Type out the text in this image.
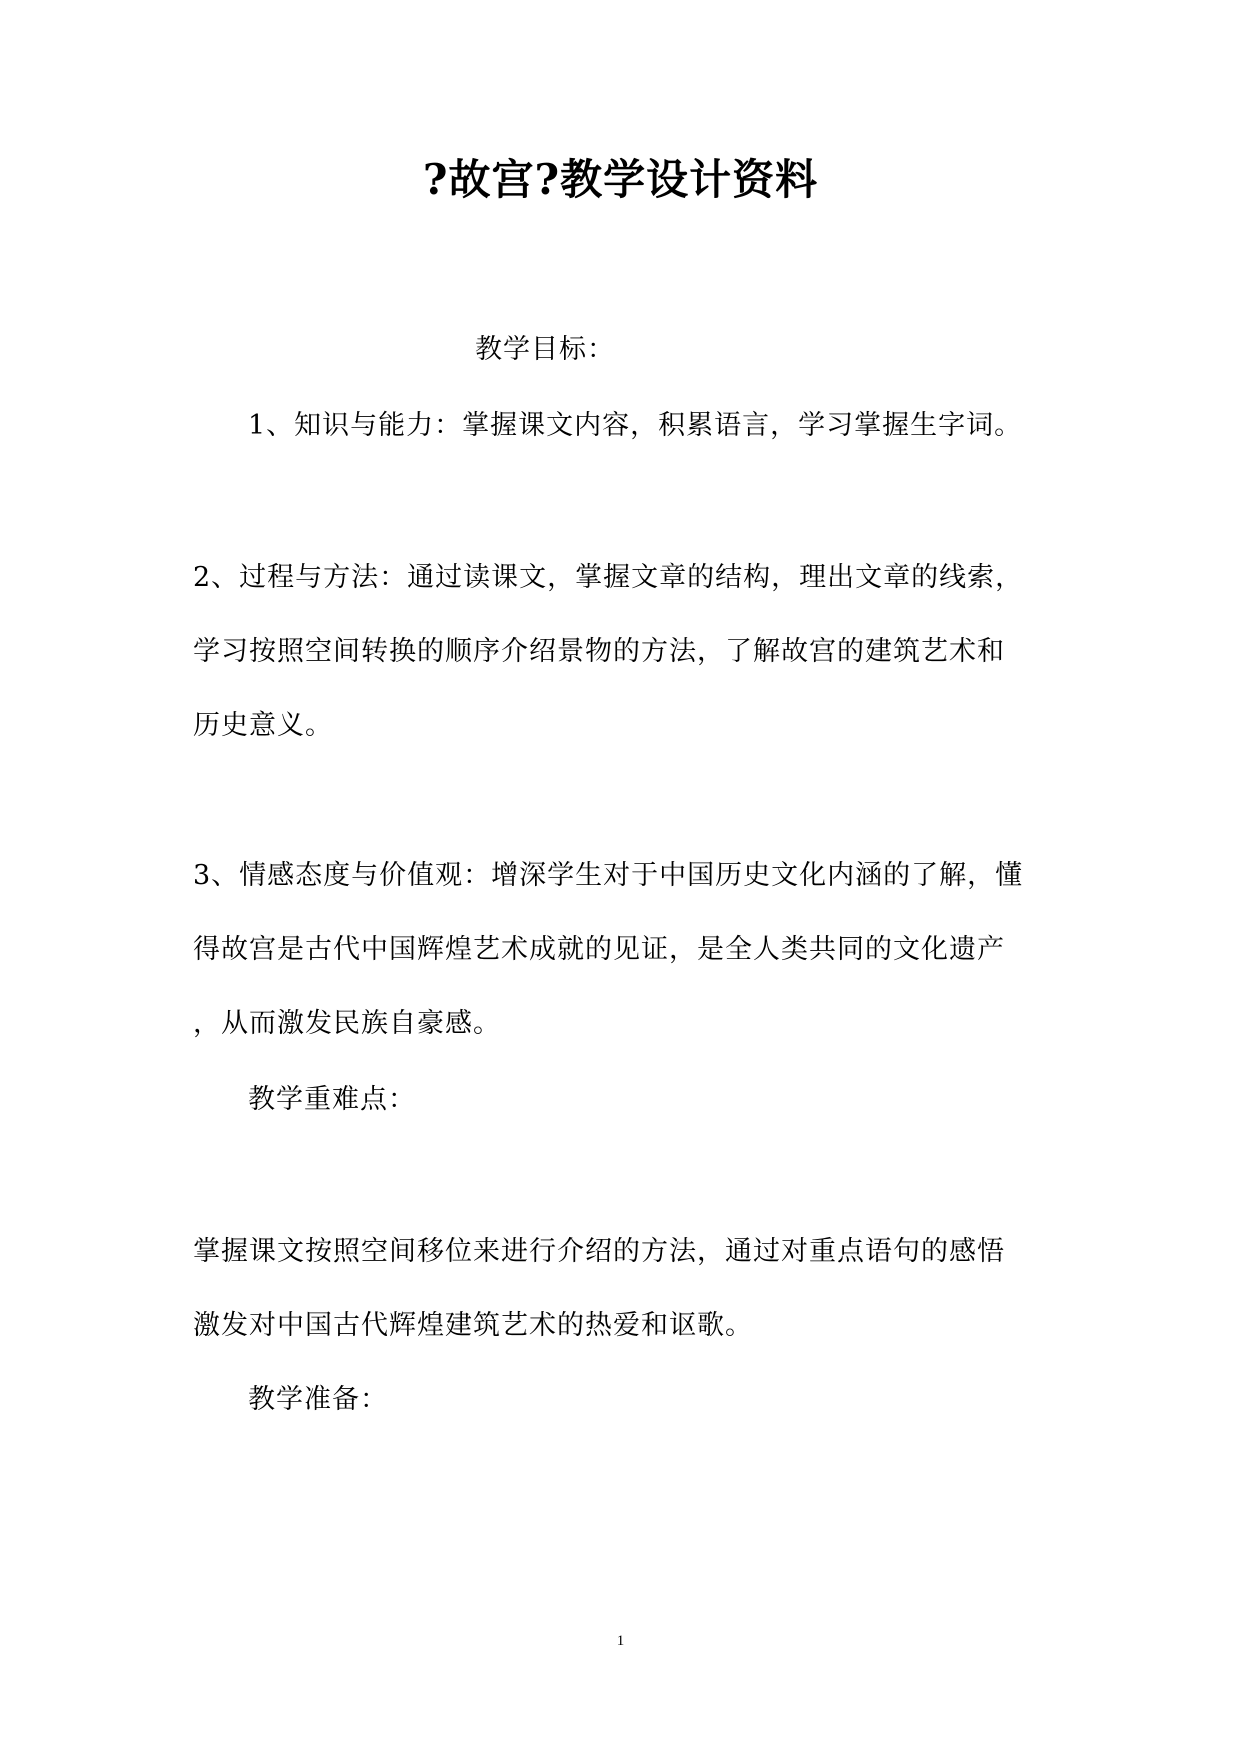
?故宫?教学设计资料
教学目标：
1、知识与能力：掌握课文内容，积累语言，学习掌握生字词。
2、过程与方法：通过读课文，掌握文章的结构，理出文章的线索，
学习按照空间转换的顺序介绍景物的方法，了解故宫的建筑艺术和
历史意义。
3、情感态度与价值观：增深学生对于中国历史文化内涵的了解，懂
得故宫是古代中国辉煌艺术成就的见证，是全人类共同的文化遗产
，从而激发民族自豪感。
教学重难点：
掌握课文按照空间移位来进行介绍的方法，通过对重点语句的感悟
激发对中国古代辉煌建筑艺术的热爱和讴歌。
教学准备：
1
